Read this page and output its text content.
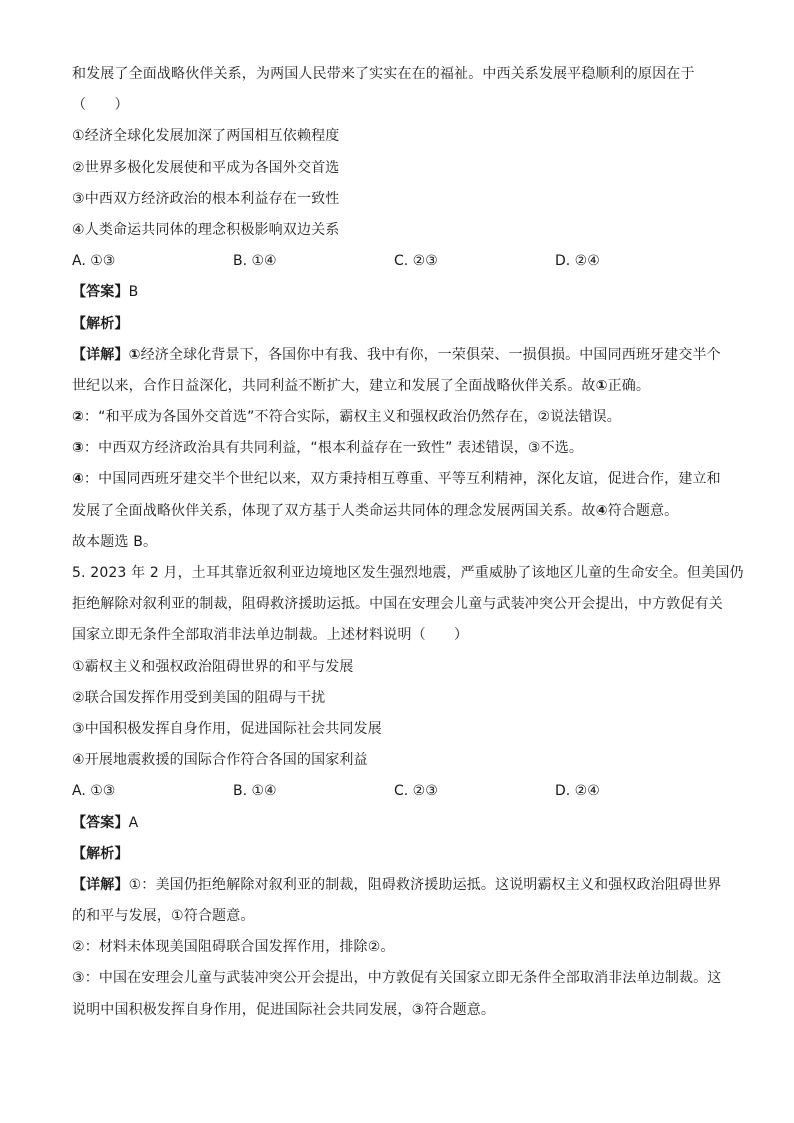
和发展了全面战略伙伴关系，为两国人民带来了实实在在的福祉。中西关系发展平稳顺利的原因在于
（　　）
①经济全球化发展加深了两国相互依赖程度
②世界多极化发展使和平成为各国外交首选
③中西双方经济政治的根本利益存在一致性
④人类命运共同体的理念积极影响双边关系
A. ①③	B. ①④	C. ②③	D. ②④
【答案】B
【解析】
【详解】①经济全球化背景下，各国你中有我、我中有你，一荣俱荣、一损俱损。中国同西班牙建交半个
世纪以来，合作日益深化，共同利益不断扩大，建立和发展了全面战略伙伴关系。故①正确。
②：“和平成为各国外交首选”不符合实际，霸权主义和强权政治仍然存在，②说法错误。
③：中西双方经济政治具有共同利益，“根本利益存在一致性” 表述错误，③不选。
④：中国同西班牙建交半个世纪以来，双方秉持相互尊重、平等互利精神，深化友谊，促进合作，建立和
发展了全面战略伙伴关系，体现了双方基于人类命运共同体的理念发展两国关系。故④符合题意。
故本题选 B。
5. 2023 年 2 月，土耳其靠近叙利亚边境地区发生强烈地震，严重威胁了该地区儿童的生命安全。但美国仍
拒绝解除对叙利亚的制裁，阻碍救济援助运抵。中国在安理会儿童与武装冲突公开会提出，中方敦促有关
国家立即无条件全部取消非法单边制裁。上述材料说明（　　）
①霸权主义和强权政治阻碍世界的和平与发展
②联合国发挥作用受到美国的阻碍与干扰
③中国积极发挥自身作用，促进国际社会共同发展
④开展地震救援的国际合作符合各国的国家利益
A. ①③	B. ①④	C. ②③	D. ②④
【答案】A
【解析】
【详解】①：美国仍拒绝解除对叙利亚的制裁，阻碍救济援助运抵。这说明霸权主义和强权政治阻碍世界
的和平与发展，①符合题意。
②：材料未体现美国阻碍联合国发挥作用，排除②。
③：中国在安理会儿童与武装冲突公开会提出，中方敦促有关国家立即无条件全部取消非法单边制裁。这
说明中国积极发挥自身作用，促进国际社会共同发展，③符合题意。
